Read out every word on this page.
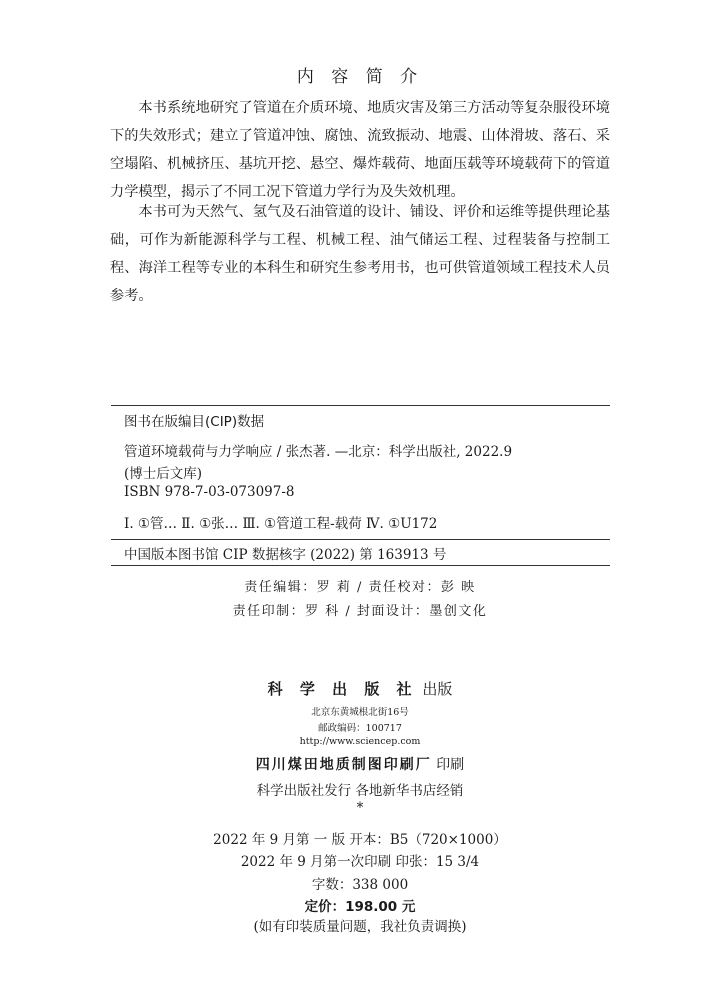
内 容 简 介

本书系统地研究了管道在介质环境、地质灾害及第三方活动等复杂服役环境下的失效形式；建立了管道冲蚀、腐蚀、流致振动、地震、山体滑坡、落石、采空塌陷、机械挤压、基坑开挖、悬空、爆炸载荷、地面压载等环境载荷下的管道力学模型，揭示了不同工况下管道力学行为及失效机理。

本书可为天然气、氢气及石油管道的设计、铺设、评价和运维等提供理论基础，可作为新能源科学与工程、机械工程、油气储运工程、过程装备与控制工程、海洋工程等专业的本科生和研究生参考用书，也可供管道领域工程技术人员参考。

图书在版编目(CIP)数据
管道环境载荷与力学响应 / 张杰著. —北京：科学出版社, 2022.9
(博士后文库)
ISBN 978-7-03-073097-8
Ⅰ. ①管… Ⅱ. ①张… Ⅲ. ①管道工程-载荷 Ⅳ. ①U172
中国版本图书馆 CIP 数据核字 (2022) 第 163913 号
责任编辑：罗 莉 / 责任校对：彭 映
责任印制：罗 科 / 封面设计：墨创文化
科 学 出 版 社 出版
北京东黄城根北街16号
邮政编码：100717
http://www.sciencep.com
四川煤田地质制图印刷厂 印刷
科学出版社发行 各地新华书店经销
*
2022 年 9 月第 一 版 开本：B5（720×1000）
2022 年 9 月第一次印刷 印张：15 3/4
字数：338 000
定价：198.00 元
(如有印装质量问题，我社负责调换)
